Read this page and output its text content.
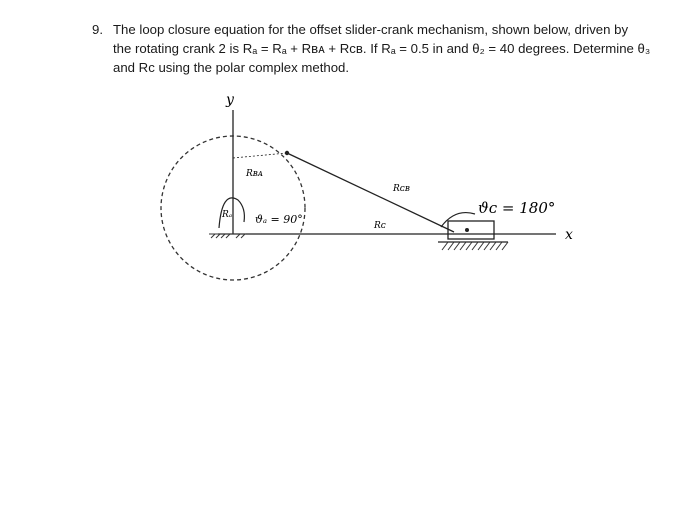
9. The loop closure equation for the offset slider-crank mechanism, shown below, driven by
the rotating crank 2 is Rₐ = Rₐ + Rʙᴀ + Rᴄʙ. If Rₐ = 0.5 in and θ₂ = 40 degrees. Determine θ₃
and Rᴄ using the polar complex method.
y
x
Rʙᴀ
Rᴄʙ
Rᴄ
Rₐ ϑₐ = 90°
ϑᴄ = 180°
